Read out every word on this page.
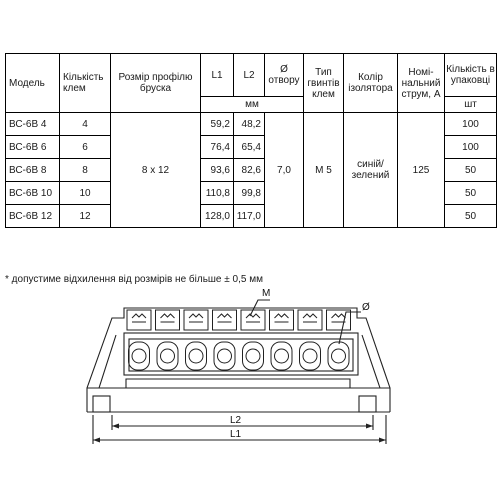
Модель	Кількість клем	Розмір профілю бруска	L1	L2	Ø отвору	Тип гвинтів клем	Колір ізолятора	Номі-нальний струм, А	Кількість в упаковці
			мм						шт
ВС-6В 4	4	8 х 12	59,2	48,2	7,0	М 5	синій/ зелений	125	100
ВС-6В 6	6		76,4	65,4					100
ВС-6В 8	8		93,6	82,6					50
ВС-6В 10	10		110,8	99,8					50
ВС-6В 12	12		128,0	117,0					50
* допустиме відхилення від розмірів не більше ± 0,5 мм
M
Ø
L2
L1
